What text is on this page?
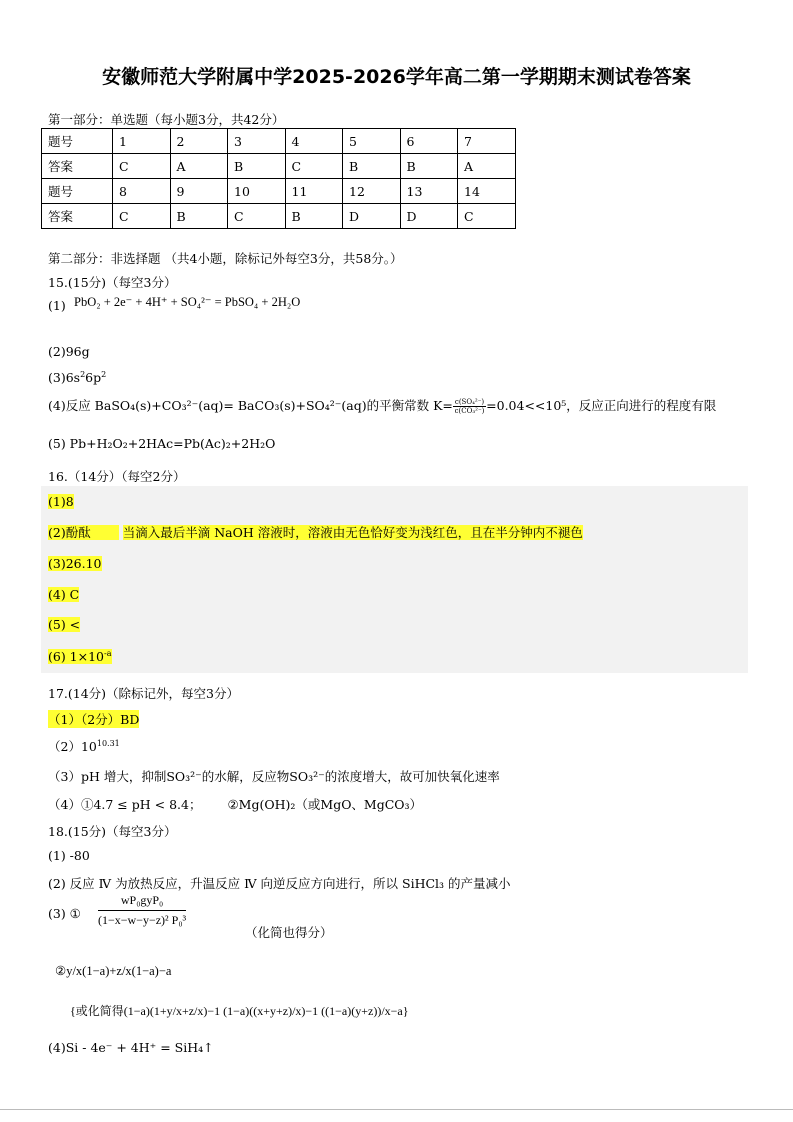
安徽师范大学附属中学2025-2026学年高二第一学期期末测试卷答案
第一部分：单选题（每小题3分，共42分）
题号	1	2	3	4	5	6	7
答案	C	A	B	C	B	B	A
题号	8	9	10	11	12	13	14
答案	C	B	C	B	D	D	C
第二部分：非选择题 （共4小题，除标记外每空3分，共58分。）
15.(15分)（每空3分）
(1) PbO₂ + 2e⁻ + 4H⁺ + SO₄²⁻ = PbSO₄ + 2H₂O
(2)96g
$(3)6s^26p^2$
(4)反应 BaSO₄(s)+CO₃²⁻(aq)= BaCO₃(s)+SO₄²⁻(aq)的平衡常数 $K= \frac{\text{c(SO₄²⁻)}}{\text{c(CO₃²⁻)}} =0.04<<10^5$，反应正向进行的程度有限
(5) Pb+H₂O₂+2HAc=Pb(Ac)₂+2H₂O
16.（14分）（每空2分）
(1)8
(2)酚酞	当滴入最后半滴 NaOH 溶液时，溶液由无色恰好变为浅红色，且在半分钟内不褪色
(3)26.10
(4) C
(5) <
(6) $1\times 10^{-a}$
17.(14分)（除标记外，每空3分）
（1）（2分）BD
$(2)10^{10.31}$
（3）pH 增大，抑制SO₃²⁻的水解，反应物SO₃²⁻的浓度增大，故可加快氧化速率
（4）①4.7 ≤ pH < 8.4； ②Mg(OH)₂（或MgO、MgCO₃）
18.(15分)（每空3分）
(1) -80
(2) 反应 Ⅳ 为放热反应，升温反应 Ⅳ 向逆反应方向进行，所以 SiHCl₃ 的产量减小
(3) ① $\frac{\text{wP₀gyP₀}}{\text{(1−x−w−y−z)² P₀³}}$
（化简也得分）
②y/x(1−a)+z/x(1−a)−a
{或化简得(1−a)(1+y/x+z/x)−1 (1−a)((x+y+z)/x)−1 ((1−a)(y+z))/x−a}
(4)Si - 4e⁻ + 4H⁺ = SiH₄↑
